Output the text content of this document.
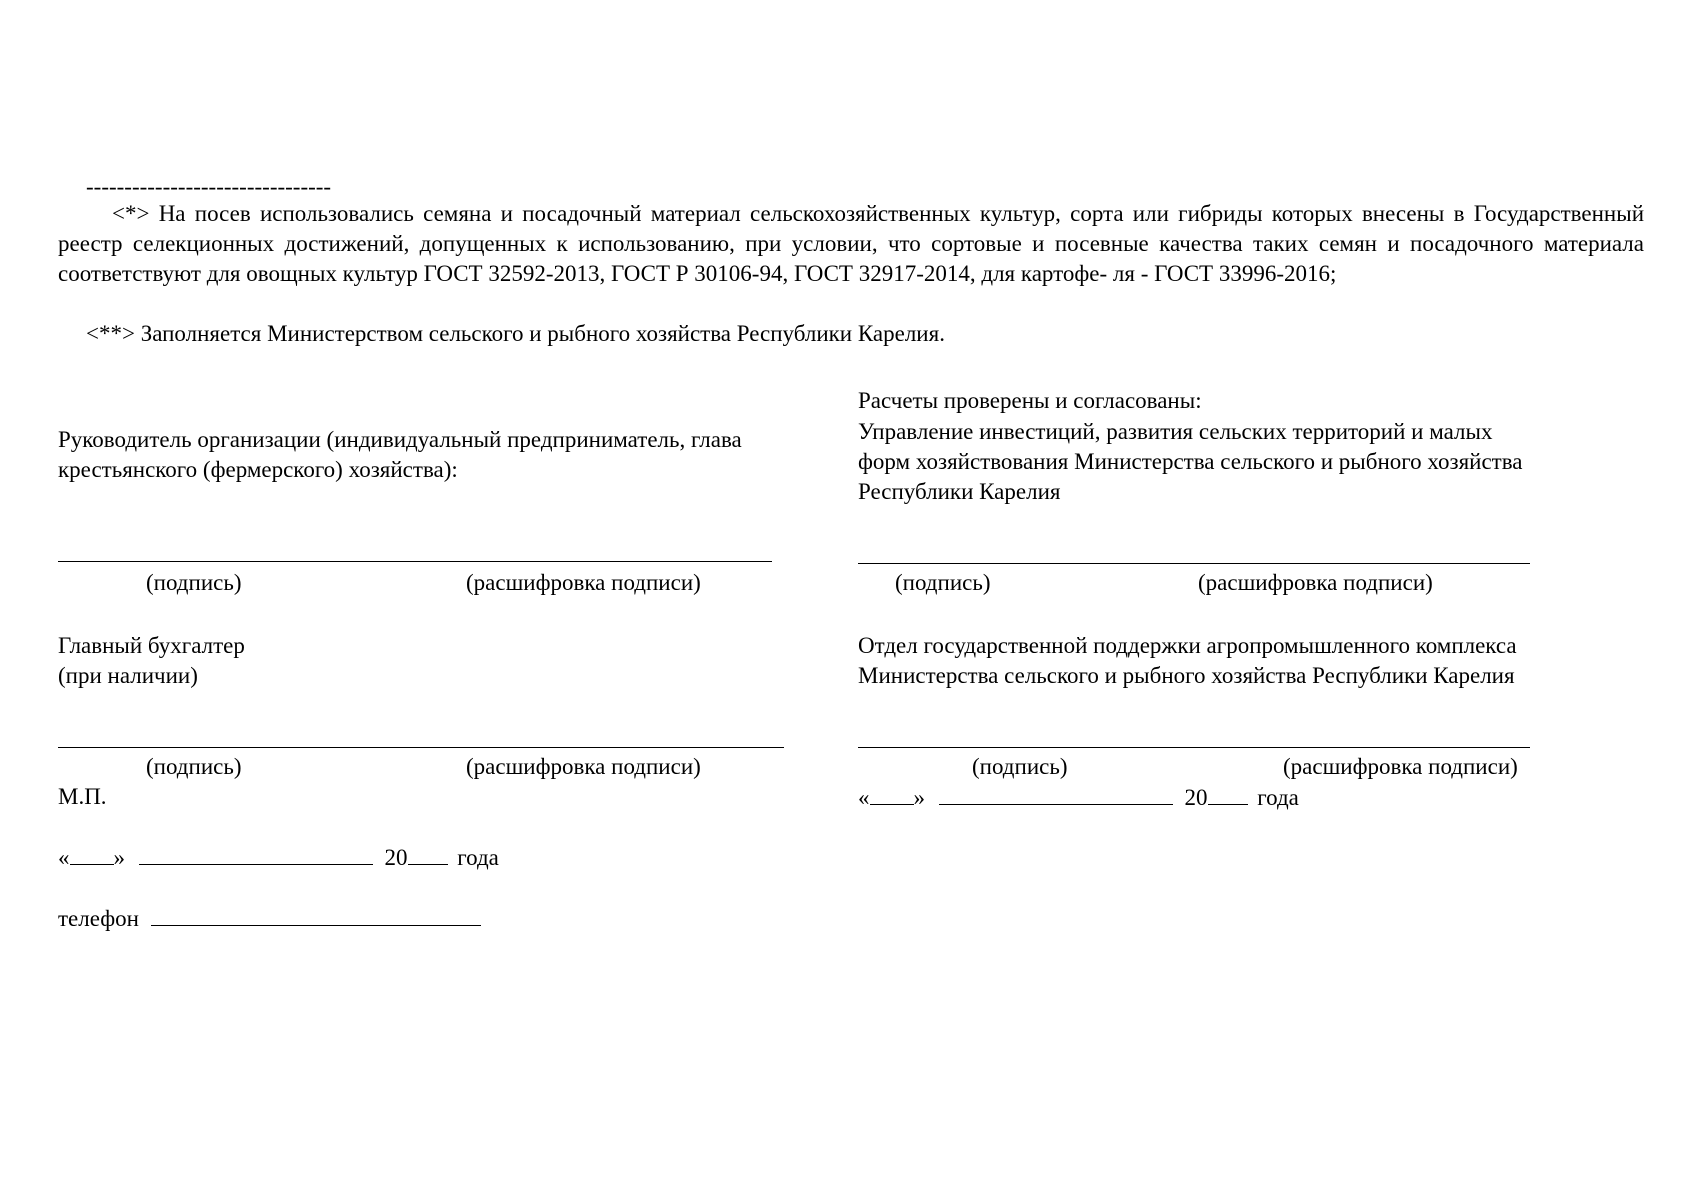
--------------------------------
<*> На посев использовались семяна и посадочный материал сельскохозяйственных культур, сорта или гибриды которых внесены в Государственный реестр селекционных достижений, допущенных к использованию, при условии, что сортовые и посевные качества таких семян и посадочного материала соответствуют для овощных культур ГОСТ 32592-2013, ГОСТ Р 30106-94, ГОСТ 32917-2014, для картофе- ля - ГОСТ 33996-2016;
<**> Заполняется Министерством сельского и рыбного хозяйства Республики Карелия.
Руководитель организации (индивидуальный предприниматель, глава
крестьянского (фермерского) хозяйства):
(подпись)	(расшифровка подписи)
Главный бухгалтер
(при наличии)
(подпись)	(расшифровка подписи)
М.П.
« »	20 года
телефон
Расчеты проверены и согласованы:
Управление инвестиций, развития сельских территорий и малых
форм хозяйствования Министерства сельского и рыбного хозяйства
Республики Карелия
(подпись)	(расшифровка подписи)
Отдел государственной поддержки агропромышленного комплекса
Министерства сельского и рыбного хозяйства Республики Карелия
(подпись)	(расшифровка подписи)
« »	20 года
